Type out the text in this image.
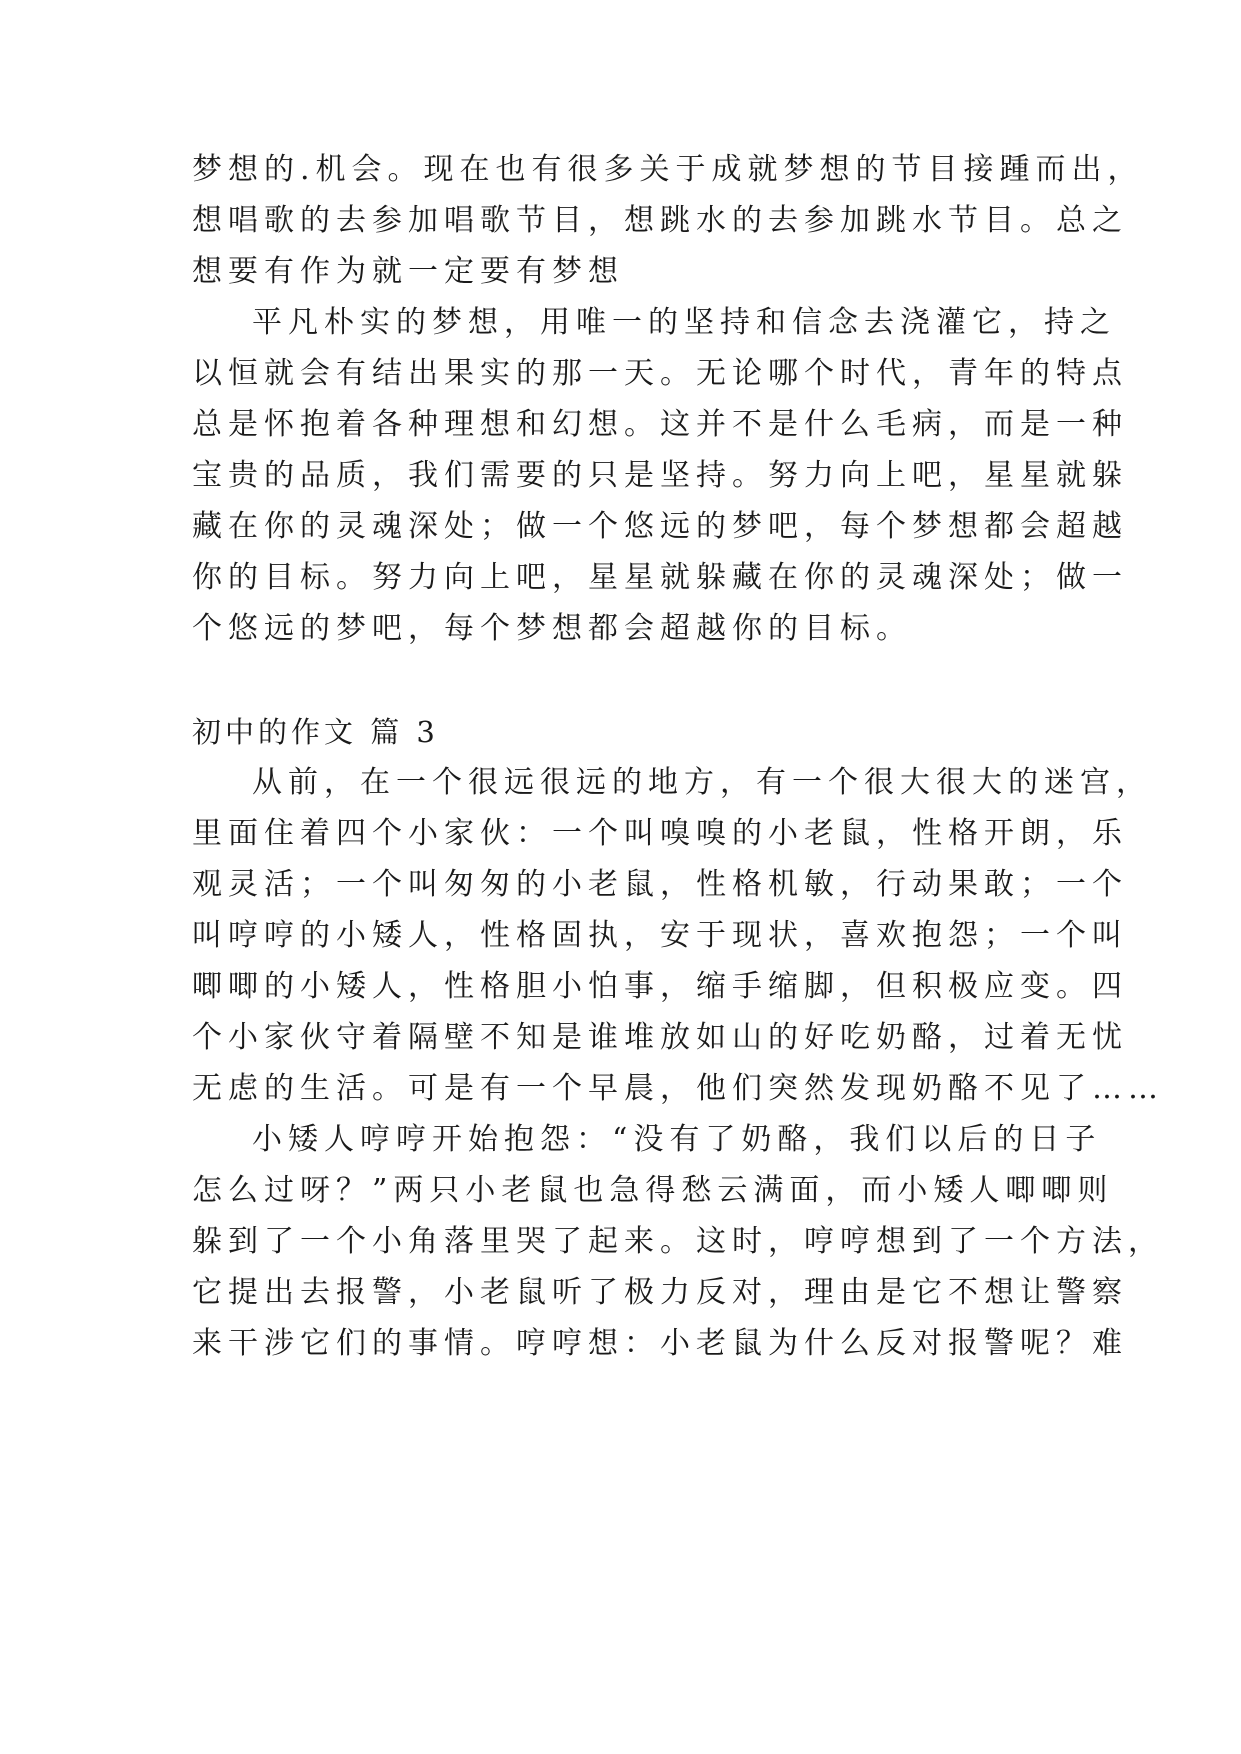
梦想的.机会。现在也有很多关于成就梦想的节目接踵而出，
想唱歌的去参加唱歌节目，想跳水的去参加跳水节目。总之
想要有作为就一定要有梦想
平凡朴实的梦想，用唯一的坚持和信念去浇灌它，持之
以恒就会有结出果实的那一天。无论哪个时代，青年的特点
总是怀抱着各种理想和幻想。这并不是什么毛病，而是一种
宝贵的品质，我们需要的只是坚持。努力向上吧，星星就躲
藏在你的灵魂深处；做一个悠远的梦吧，每个梦想都会超越
你的目标。努力向上吧，星星就躲藏在你的灵魂深处；做一
个悠远的梦吧，每个梦想都会超越你的目标。
初中的作文 篇 3
从前，在一个很远很远的地方，有一个很大很大的迷宫，
里面住着四个小家伙：一个叫嗅嗅的小老鼠，性格开朗，乐
观灵活；一个叫匆匆的小老鼠，性格机敏，行动果敢；一个
叫哼哼的小矮人，性格固执，安于现状，喜欢抱怨；一个叫
唧唧的小矮人，性格胆小怕事，缩手缩脚，但积极应变。四
个小家伙守着隔壁不知是谁堆放如山的好吃奶酪，过着无忧
无虑的生活。可是有一个早晨，他们突然发现奶酪不见了……
小矮人哼哼开始抱怨：“没有了奶酪，我们以后的日子
怎么过呀？”两只小老鼠也急得愁云满面，而小矮人唧唧则
躲到了一个小角落里哭了起来。这时，哼哼想到了一个方法，
它提出去报警，小老鼠听了极力反对，理由是它不想让警察
来干涉它们的事情。哼哼想：小老鼠为什么反对报警呢？难
